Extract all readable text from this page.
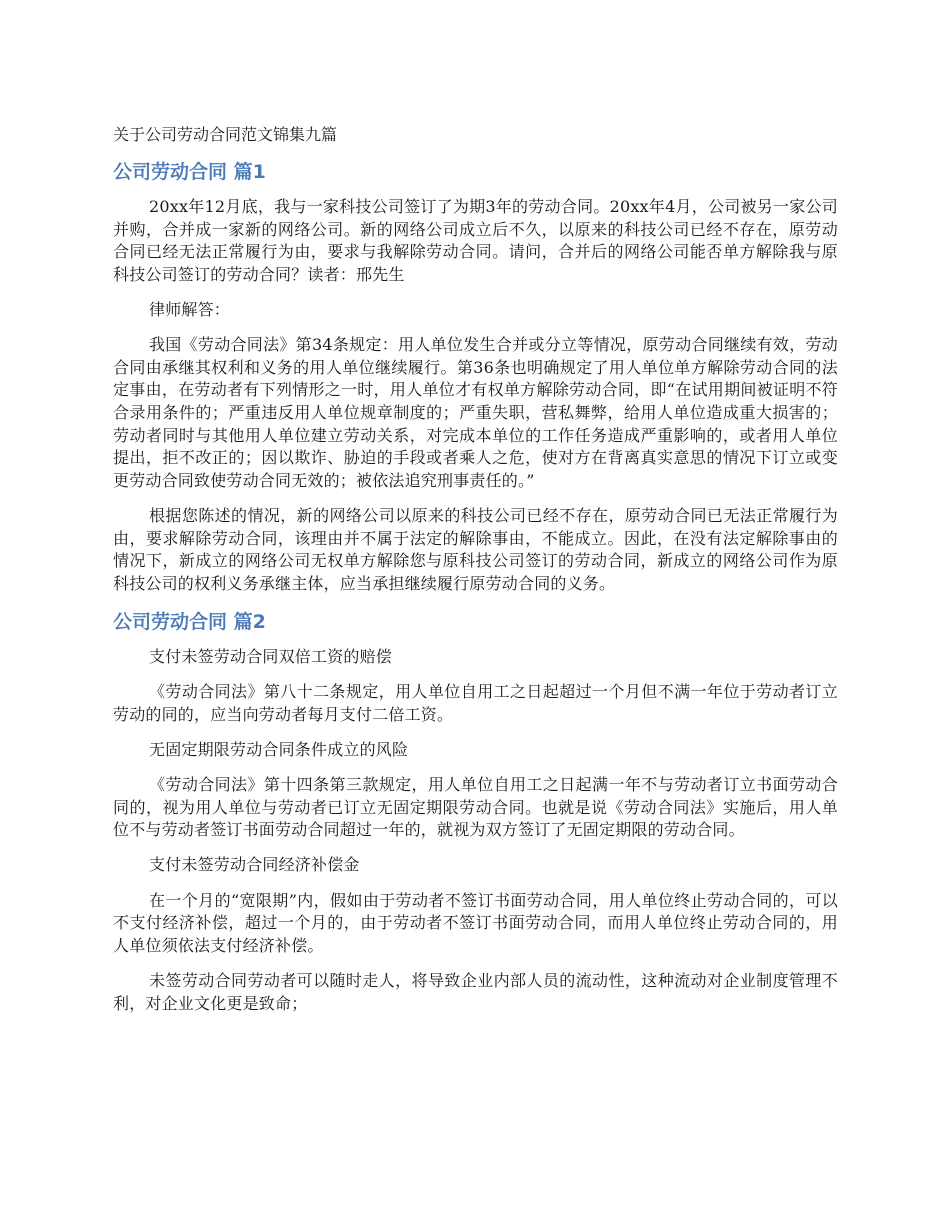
关于公司劳动合同范文锦集九篇
公司劳动合同 篇1

20xx年12月底，我与一家科技公司签订了为期3年的劳动合同。20xx年4月，公司被另一家公司并购，合并成一家新的网络公司。新的网络公司成立后不久，以原来的科技公司已经不存在，原劳动合同已经无法正常履行为由，要求与我解除劳动合同。请问，合并后的网络公司能否单方解除我与原科技公司签订的劳动合同？读者：邢先生

律师解答：

我国《劳动合同法》第34条规定：用人单位发生合并或分立等情况，原劳动合同继续有效，劳动合同由承继其权利和义务的用人单位继续履行。第36条也明确规定了用人单位单方解除劳动合同的法定事由，在劳动者有下列情形之一时，用人单位才有权单方解除劳动合同，即“在试用期间被证明不符合录用条件的；严重违反用人单位规章制度的；严重失职，营私舞弊，给用人单位造成重大损害的；劳动者同时与其他用人单位建立劳动关系，对完成本单位的工作任务造成严重影响的，或者用人单位提出，拒不改正的；因以欺诈、胁迫的手段或者乘人之危，使对方在背离真实意思的情况下订立或变更劳动合同致使劳动合同无效的；被依法追究刑事责任的。”

根据您陈述的情况，新的网络公司以原来的科技公司已经不存在，原劳动合同已无法正常履行为由，要求解除劳动合同，该理由并不属于法定的解除事由，不能成立。因此，在没有法定解除事由的情况下，新成立的网络公司无权单方解除您与原科技公司签订的劳动合同，新成立的网络公司作为原科技公司的权利义务承继主体，应当承担继续履行原劳动合同的义务。

公司劳动合同 篇2

支付未签劳动合同双倍工资的赔偿

《劳动合同法》第八十二条规定，用人单位自用工之日起超过一个月但不满一年位于劳动者订立劳动的同的，应当向劳动者每月支付二倍工资。

无固定期限劳动合同条件成立的风险

《劳动合同法》第十四条第三款规定，用人单位自用工之日起满一年不与劳动者订立书面劳动合同的，视为用人单位与劳动者已订立无固定期限劳动合同。也就是说《劳动合同法》实施后，用人单位不与劳动者签订书面劳动合同超过一年的，就视为双方签订了无固定期限的劳动合同。

支付未签劳动合同经济补偿金

在一个月的“宽限期”内，假如由于劳动者不签订书面劳动合同，用人单位终止劳动合同的，可以不支付经济补偿，超过一个月的，由于劳动者不签订书面劳动合同，而用人单位终止劳动合同的，用人单位须依法支付经济补偿。

未签劳动合同劳动者可以随时走人，将导致企业内部人员的流动性，这种流动对企业制度管理不利，对企业文化更是致命；
